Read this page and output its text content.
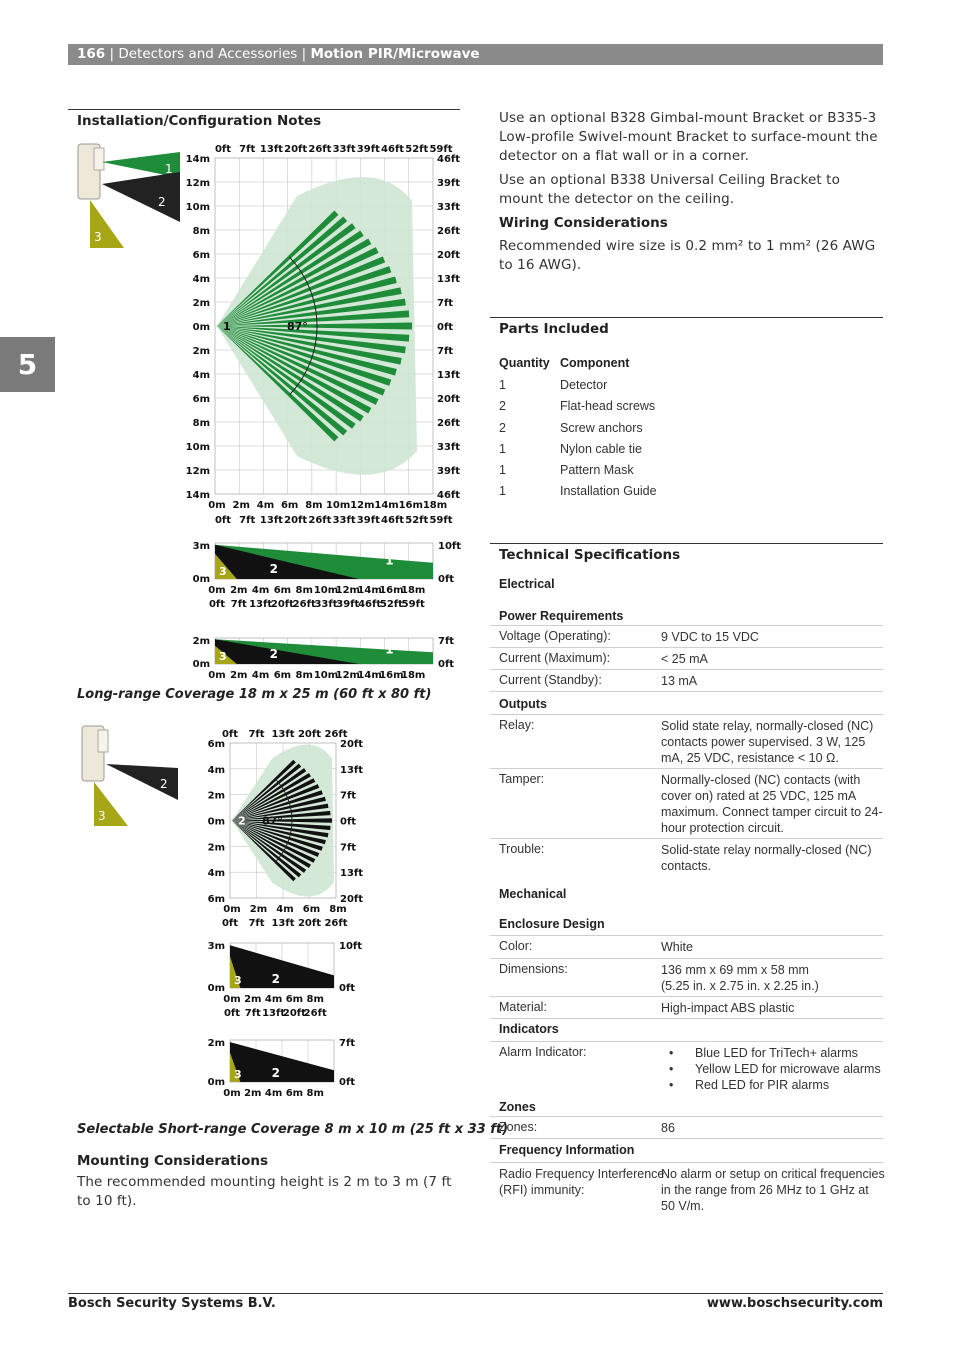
166 | Detectors and Accessories | Motion PIR/Microwave
5
Installation/Configuration Notes
1
2
3
87°
1
0ft 7ft 13ft 20ft 26ft 33ft 39ft 46ft 52ft 59ft
0ft 7ft 13ft 20ft 26ft 33ft 39ft 46ft 52ft 59ft
0m 2m 4m 6m 8m 10m 12m 14m 16m 18m
14m
12m
10m
8m
6m
4m
2m
0m
2m
4m
6m
8m
10m
12m
14m
46ft
39ft
33ft
26ft
20ft
13ft
7ft
0ft
7ft
13ft
20ft
26ft
33ft
39ft
46ft
3	2
1
3m
0m
10ft
0ft
0m 2m 4m 6m 8m 10m
12m
14m
16m
18m
0ft 7ft 13ft
20ft
26ft
33ft
39ft
46ft
52ft
59ft
3	2	1
2m
0m
7ft
0ft
0m 2m 4m 6m 8m 10m
12m
14m
16m
18m
Long-range Coverage 18 m x 25 m (60 ft x 80 ft)
2
3	87°
2
0ft 7ft 13ft 20ft 26ft
0ft 7ft 13ft 20ft 26ft
0m 2m 4m 6m 8m
6m
4m
2m
0m
2m
4m
6m
20ft
13ft
7ft
0ft
7ft
13ft
20ft
3 2
3m
0m
10ft
0ft
0m 2m 4m 6m 8m
0ft 7ft 13ft
20ft
26ft
3 2
2m
0m
7ft
0ft
0m 2m 4m 6m 8m
Selectable Short-range Coverage 8 m x 10 m (25 ft x 33 ft)
Mounting Considerations
The recommended mounting height is 2 m to 3 m (7 ft to 10 ft).
Use an optional B328 Gimbal-mount Bracket or B335-3 Low-profile Swivel-mount Bracket to surface-mount the detector on a flat wall or in a corner.
Use an optional B338 Universal Ceiling Bracket to mount the detector on the ceiling.
Wiring Considerations
Recommended wire size is 0.2 mm² to 1 mm² (26 AWG to 16 AWG).
Parts Included
Quantity Component
1
2
2
1
1
1
Detector
Flat-head screws
Screw anchors
Nylon cable tie
Pattern Mask
Installation Guide
Technical Specifications
Electrical
Power Requirements
Voltage (Operating):	9 VDC to 15 VDC
Current (Maximum):	< 25 mA
Current (Standby):	13 mA
Outputs
Relay:	Solid state relay, normally-closed (NC) contacts power supervised. 3 W, 125 mA, 25 VDC, resistance < 10 Ω.
Tamper:	Normally-closed (NC) contacts (with cover on) rated at 25 VDC, 125 mA maximum. Connect tamper circuit to 24-hour protection circuit.
Trouble:	Solid-state relay normally-closed (NC) contacts.
Mechanical
Enclosure Design
Color:	White
Dimensions:	136 mm x 69 mm x 58 mm
(5.25 in. x 2.75 in. x 2.25 in.)
Material:	High-impact ABS plastic
Indicators
Alarm Indicator:
•	Blue LED for TriTech+ alarms
• Yellow LED for microwave alarms
• Red LED for PIR alarms
Zones
Zones:	86
Frequency Information
Radio Frequency Interference
(RFI) immunity:
No alarm or setup on critical frequencies in the range from 26 MHz to 1 GHz at 50 V/m.
Bosch Security Systems B.V.	www.boschsecurity.com
